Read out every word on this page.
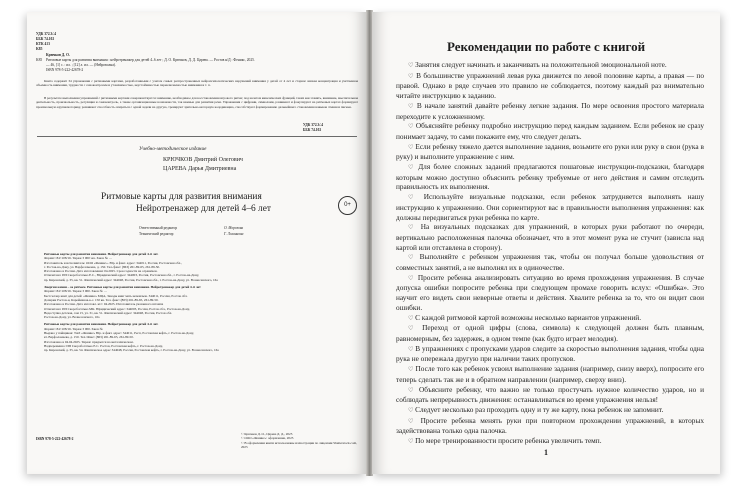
УДК 372.3/.4
ББК 74.102
КТК 413
K85
Крючков Д. О.
K85 Ритмовые карты для развития внимания : нейротренажер для детей 4–6 лет ; Д. О. Крючков, Д. Д. Царева. — Ростов н/Д : Феникс, 2025.
— 46, [1] с. : ил. ; [12] л. ил. — (Нейроволна).
ISBN 978-5-222-42678-2
Книга содержит 34 упражнения с ритмовыми картами, разработанными с учетом самых распространенных нейропсихологических нарушений внимания у детей от 4 лет и старше: низкая концентрация и умственная объемность внимания, трудности с самоконтролем и утомляемостью, неустойчивостью переключаемостью внимания и т. п.
В результате выполнения упражнений с ритмовыми картами совершенствуется: внимание, необходимое для восстановления игрового ритма; под налетом кинезических функций, таких как: память, внимание, мыслительная деятельность, произвольность, регуляция и самоконтроль, а также организационные возможности, так важные для развития речи. Упражнения с цифрами, символами, развивают и фокусируют на ритмовых картах формируют произвольную крупномоторику, развивают способность опираться с одной задачи на другую, тренируют зрительно-моторную координацию, способствуют формированию дальнейшего становления навыков чтения и письма.
УДК 372.3/.4
ББК 74.102
Учебно-методическое издание
КРЮЧКОВ Дмитрий Олегович
ЦАРЕВА Дарья Дмитриевна
Ритмовые карты для развития внимания
Нейротренажер для детей 4–6 лет	0+
Ответственный редактор	О. Морозова
Технический редактор	Г. Логвинова
Ритмовые карты для развития внимания. Нейротренажер для детей 4–6 лет.
Формат: 84×108/16. Тираж 3 000 экз. Заказ № …
Изготовитель и исполнитель: ООО «Феникс». Юр. и факт. адрес: 344011, Россия, Ростовская обл.,
г. Ростов-на-Дону, ул. Варфоломеева, д. 150. Тел./факс: (863) 261-89-65, 261-89-50.
Изготовлено в России. Дата изготовления: 04.2025. Срок годности не ограничен.
Отпечатано: ИП Скоробогатько Е.С., Юридический адрес: 344003, Россия, Ростовская обл., г. Ростов-на-Дону,
пр. Кировский, д. 35, кв. 51. Фактический адрес: 344048, Россия, Ростовская обл., г. Ростов-на-Дону, ул. Вознесенского, 16а
Энергия жизни – за ритмом. Ритмовые карты для развития внимания. Нейротренажер для детей 4–6 лет
Формат: 84×108/16. Тираж 3 000. Заказ № …
Бестселлер книг для детей: «Феникс» МЦА, Заводы книг мать нечемльча. 344011, Россия, Ростов обл.
Дочнрки Ростов-н, Карейманов-к-с. 150 кв. Тел. факс: (863) 261-89-65, 261-89-50.
Изготовлено в России. Дата изготовл. ктс: 04.2025. Изготовитель указанного штампа
Отпечатано: ИП Скоробогатько МК. Юридический адрес: 344003, Россия, Ростов обл., Ростов-на-Дону,
Недоступна детская, сам 15, ул. 31, кв. 51. Фактический адрес: 344048, Россия, Ростов обл.
Ростов-на-Дону, ул. Вознесенского, 16а
Ритмовые карты для развития внимания. Нейротренажер для детей 4–6 лет.
Формат: 84×108/16. Тираж 3 000. Заказ №
Выдано у пайщиков: ТАЛ «Феникс» Юр. и факт. адрес: 344011, Респ, Ростовская кефть, г. Ростов-на-Дону,
кт. Варфоломеева, д. 150. Тел./Факс: (863) 261-89-65, 261-89-50.
Изготовлено в 04.04.2025. Тираж: придается на жеталлическом.
Надпеременно: ИП Скоробогатько Е.С. Ростов, Ростовская кефть, г. Ростов-на-Дону,
пр. Кировский, д. 35, кв. 54. Фактическое адрес 344048, Россия, Ростовская кефть, г. Ростов-на-Дону, ул. Вознесенского, 16а
ISBN 978-5-222-42678-2
© Крючков Д. О., Царева Д. Д., 2025
© ООО «Феникс»: оформление, 2025
© В оформлении книги использованы иллюстрации по лицензии Shutterstock.com, 2025
Рекомендации по работе с книгой
♡ Занятия следует начинать и заканчивать на положительной эмоциональной ноте.
♡ В большинстве упражнений левая рука движется по левой половине карты, а правая — по правой. Однако в ряде случаев это правило не соблюдается, поэтому каждый раз внимательно читайте инструкцию к заданию.
♡ В начале занятий давайте ребенку легкие задания. По мере освоения простого материала переходите к усложненному.
♡ Объясняйте ребенку подробно инструкцию перед каждым заданием. Если ребенок не сразу понимает задачу, то сами покажите ему, что следует делать.
♡ Если ребенку тяжело дается выполнение задания, возьмите его руки или руку в свои (рука в руку) и выполните упражнение с ним.
♡ Для более сложных заданий предлагаются пошаговые инструкции-подсказки, благодаря которым можно доступно объяснить ребенку требуемые от него действия и самим отследить правильность их выполнения.
♡ Используйте визуальные подсказки, если ребенок затрудняется выполнять нашу инструкцию к упражнению. Они сориентируют вас в правильности выполнения упражнения: как должны передвигаться руки ребенка по карте.
♡ На визуальных подсказках для упражнений, в которых руки работают по очереди, вертикально расположенная палочка обозначает, что в этот момент рука не стучит (зависла над картой или отставлена в сторону).
♡ Выполняйте с ребенком упражнения так, чтобы он получал больше удовольствия от совместных занятий, а не выполнял их в одиночестве.
♡ Просите ребенка анализировать ситуацию во время прохождения упражнения. В случае допуска ошибки попросите ребенка при следующем промахе говорить вслух: «Ошибка». Это научит его видеть свои неверные ответы и действия. Хвалите ребенка за то, что он видит свои ошибки.
♡ С каждой ритмовой картой возможны несколько вариантов упражнений.
♡ Переход от одной цифры (слова, символа) к следующей должен быть плавным, равномерным, без задержек, в одном темпе (как будто играет мелодия).
♡ В упражнениях с пропусками ударов следите за скоростью выполнения задания, чтобы одна рука не опережала другую при наличии таких пропусков.
♡ После того как ребенок усвоил выполнение задания (например, снизу вверх), попросите его теперь сделать так же и в обратном направлении (например, сверху вниз).
♡ Объясните ребенку, что важно не только простучать нужное количество ударов, но и соблюдать непрерывность движения: останавливаться во время упражнения нельзя!
♡ Следует несколько раз проходить одну и ту же карту, пока ребенок не запомнит.
♡ Просите ребенка менять руки при повторном прохождении упражнений, в которых задействована только одна палочка.
♡ По мере тренированности просите ребенка увеличить темп.
1
